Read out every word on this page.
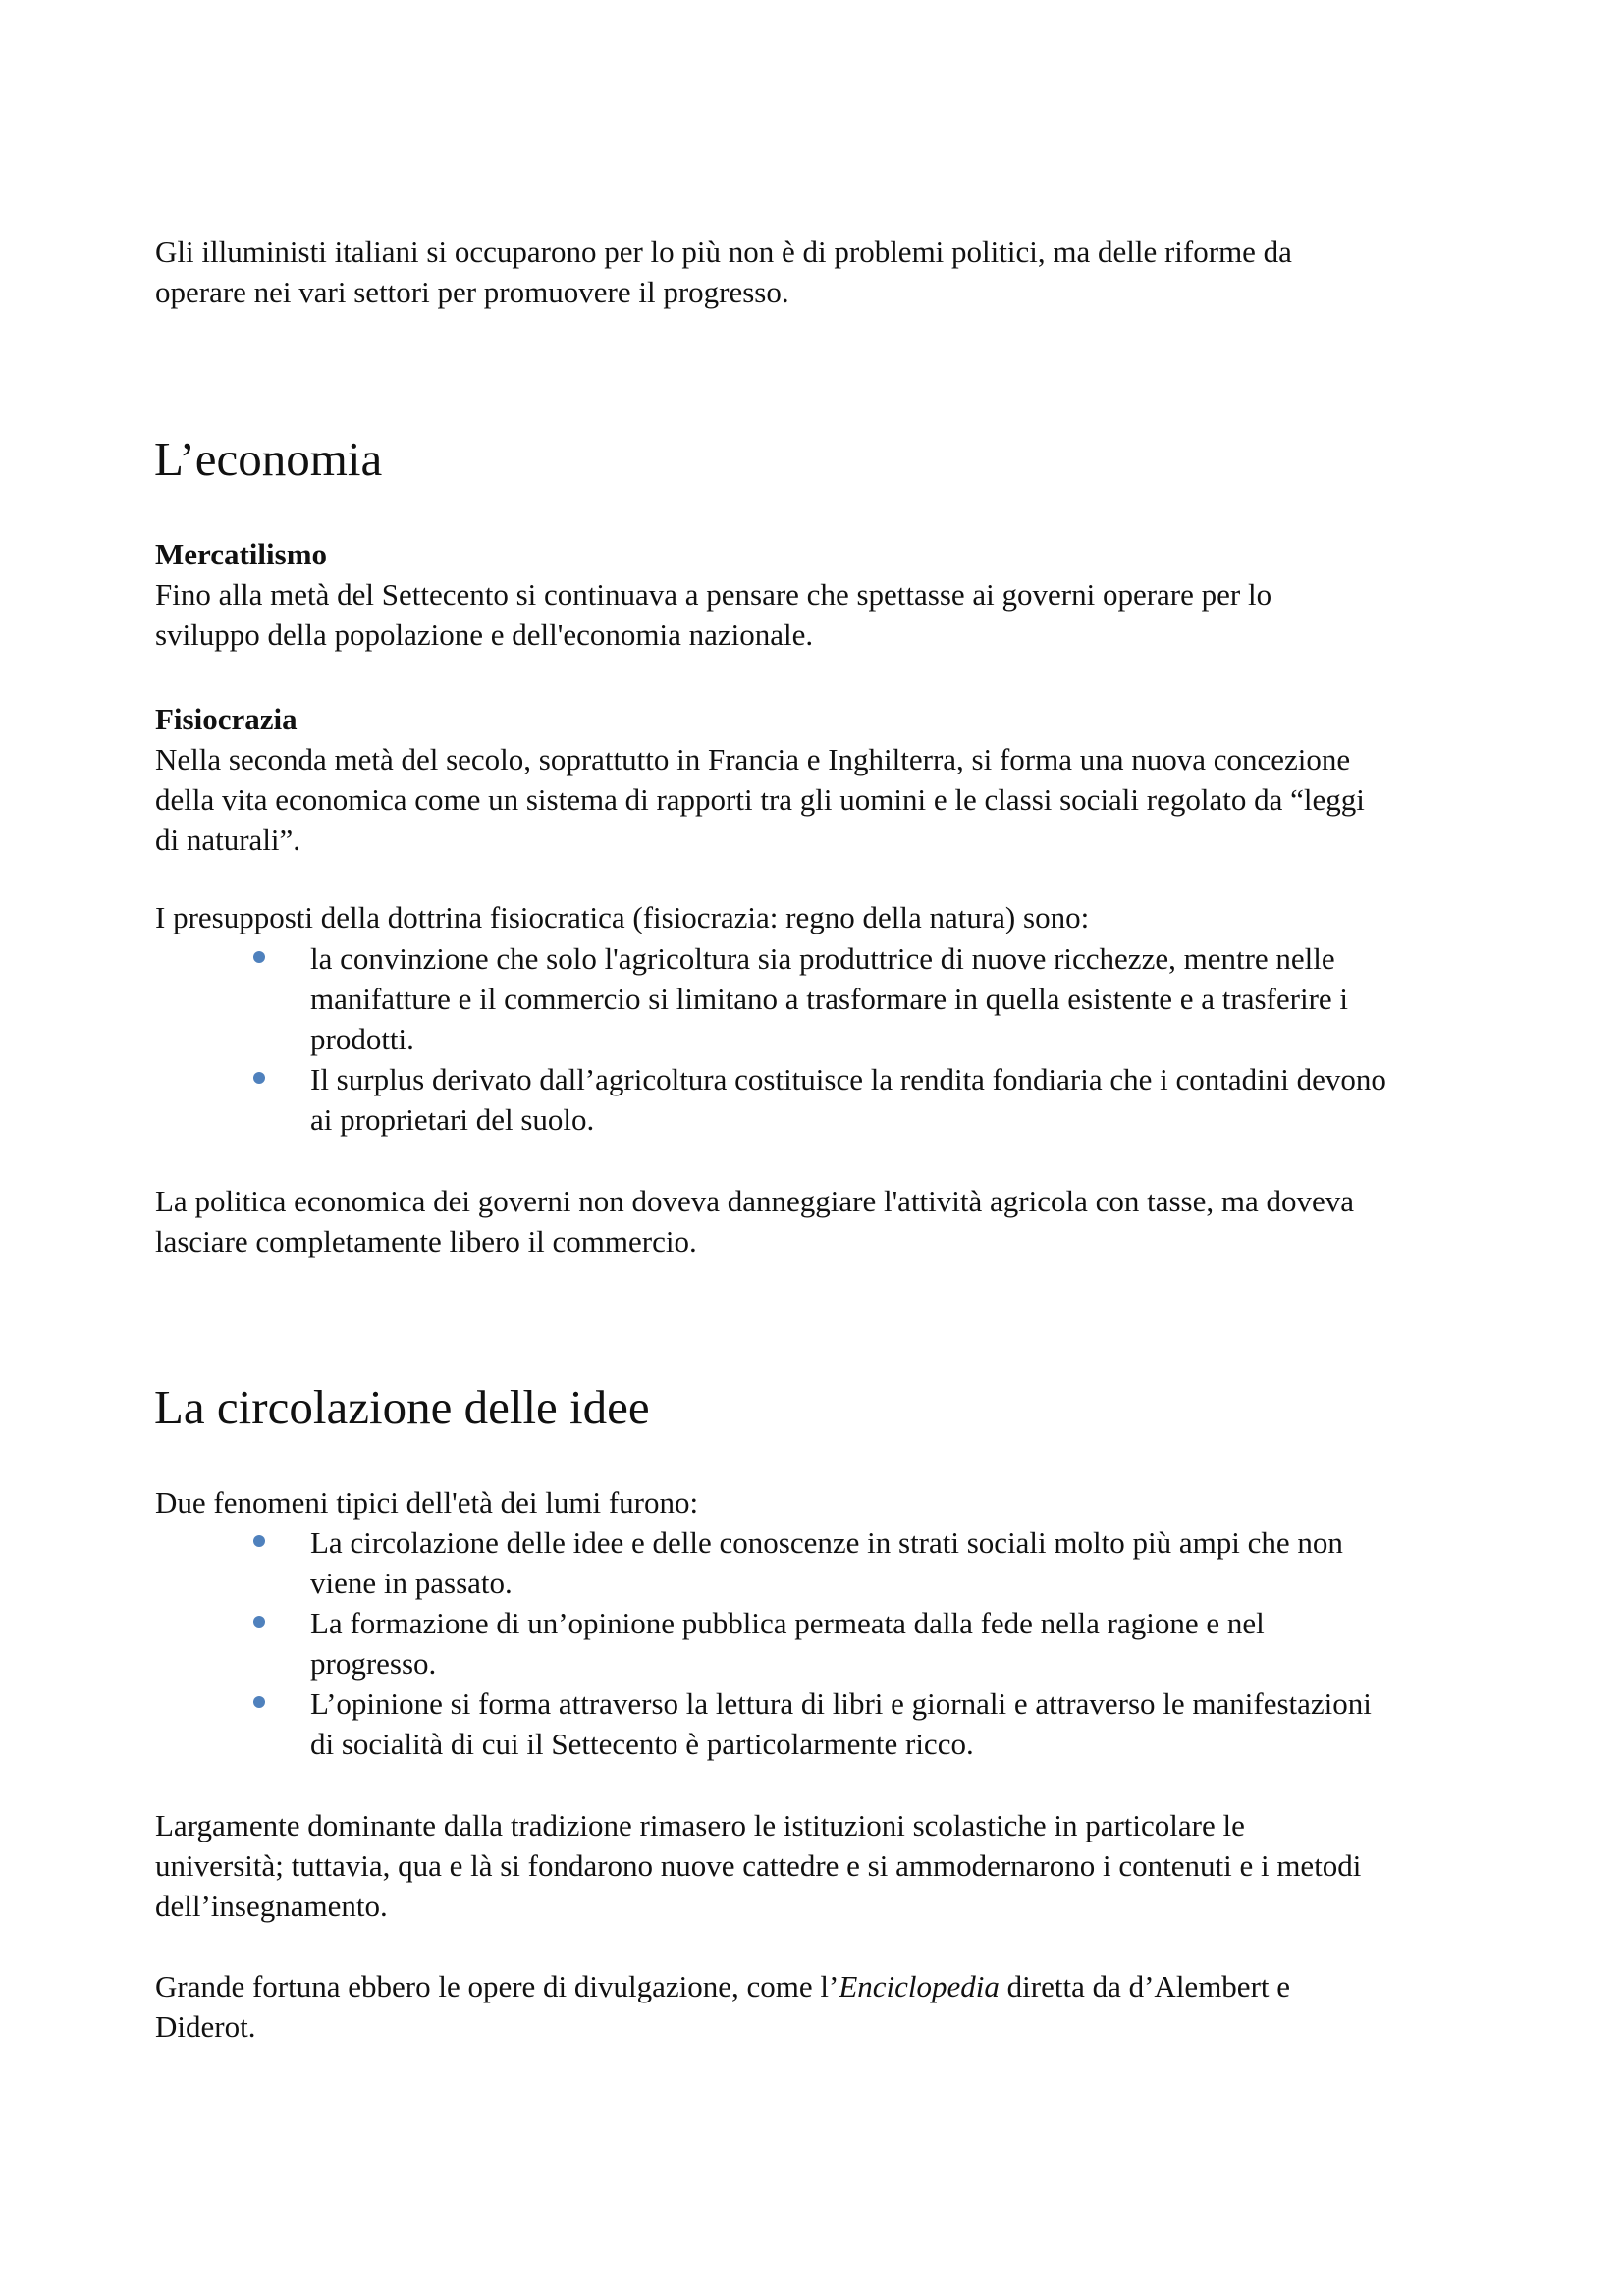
Gli illuministi italiani si occuparono per lo più non è di problemi politici, ma delle riforme da
operare nei vari settori per promuovere il progresso.
L’economia
Mercatilismo
Fino alla metà del Settecento si continuava a pensare che spettasse ai governi operare per lo
sviluppo della popolazione e dell'economia nazionale.
Fisiocrazia
Nella seconda metà del secolo, soprattutto in Francia e Inghilterra, si forma una nuova concezione
della vita economica come un sistema di rapporti tra gli uomini e le classi sociali regolato da “leggi
di naturali”.
I presupposti della dottrina fisiocratica (fisiocrazia: regno della natura) sono:
la convinzione che solo l'agricoltura sia produttrice di nuove ricchezze, mentre nelle
manifatture e il commercio si limitano a trasformare in quella esistente e a trasferire i
prodotti.
Il surplus derivato dall’agricoltura costituisce la rendita fondiaria che i contadini devono
ai proprietari del suolo.
La politica economica dei governi non doveva danneggiare l'attività agricola con tasse, ma doveva
lasciare completamente libero il commercio.
La circolazione delle idee
Due fenomeni tipici dell'età dei lumi furono:
La circolazione delle idee e delle conoscenze in strati sociali molto più ampi che non
viene in passato.
La formazione di un’opinione pubblica permeata dalla fede nella ragione e nel
progresso.
L’opinione si forma attraverso la lettura di libri e giornali e attraverso le manifestazioni
di socialità di cui il Settecento è particolarmente ricco.
Largamente dominante dalla tradizione rimasero le istituzioni scolastiche in particolare le
università; tuttavia, qua e là si fondarono nuove cattedre e si ammodernarono i contenuti e i metodi
dell’insegnamento.
Grande fortuna ebbero le opere di divulgazione, come l’Enciclopedia diretta da d’Alembert e
Diderot.
